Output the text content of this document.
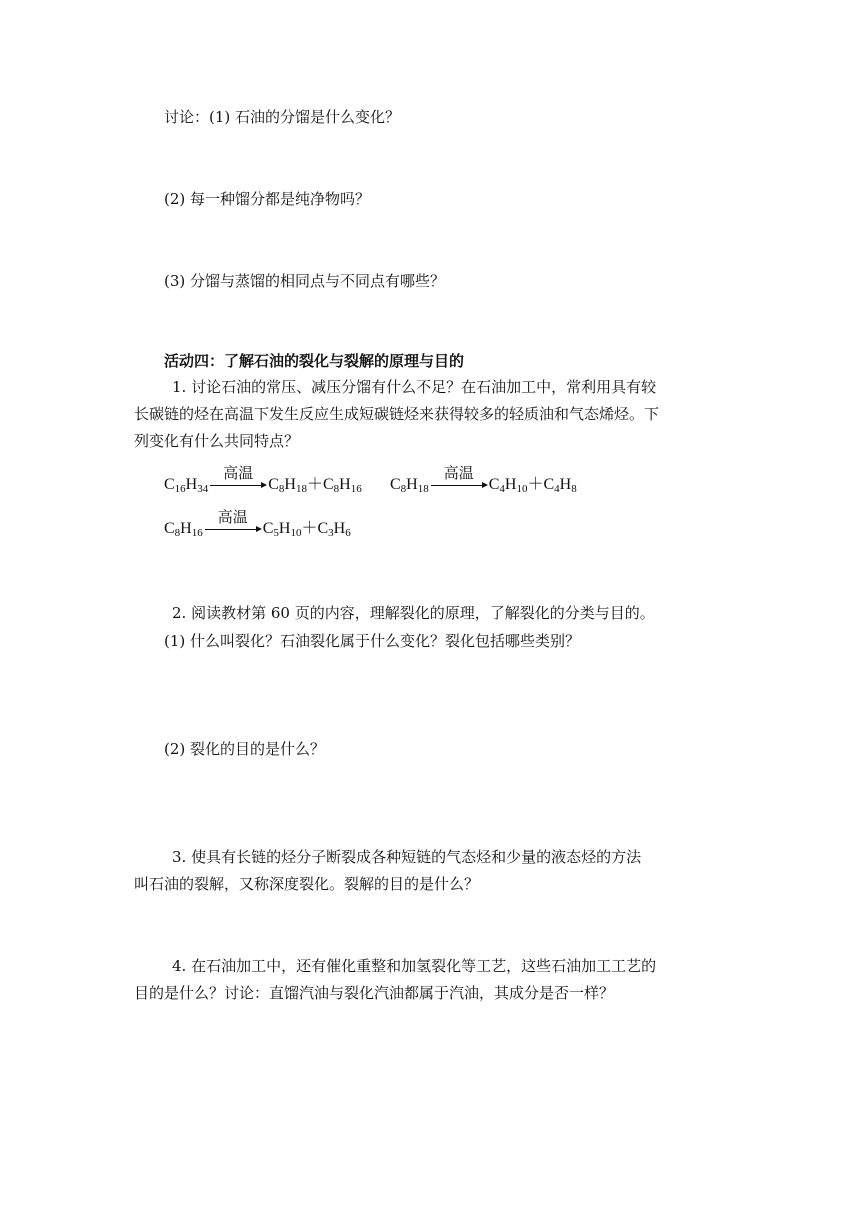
讨论：(1) 石油的分馏是什么变化？
(2) 每一种馏分都是纯净物吗？
(3) 分馏与蒸馏的相同点与不同点有哪些？
活动四：了解石油的裂化与裂解的原理与目的
1. 讨论石油的常压、减压分馏有什么不足？在石油加工中，常利用具有较
长碳链的烃在高温下发生反应生成短碳链烃来获得较多的轻质油和气态烯烃。下
列变化有什么共同特点？
$C_{16}H_{34}$
高温
$C_8H_{18}+C_8H_{16}$ $C_8H_{18}$
高温
$C_4H_{10}+C_4H_8$
$C_8H_{16}$
高温
$C_5H_{10}+C_3H_6$
2. 阅读教材第 60 页的内容，理解裂化的原理，了解裂化的分类与目的。
(1) 什么叫裂化？石油裂化属于什么变化？裂化包括哪些类别？
(2) 裂化的目的是什么？
3. 使具有长链的烃分子断裂成各种短链的气态烃和少量的液态烃的方法
叫石油的裂解，又称深度裂化。裂解的目的是什么？
4. 在石油加工中，还有催化重整和加氢裂化等工艺，这些石油加工工艺的
目的是什么？讨论：直馏汽油与裂化汽油都属于汽油，其成分是否一样？
